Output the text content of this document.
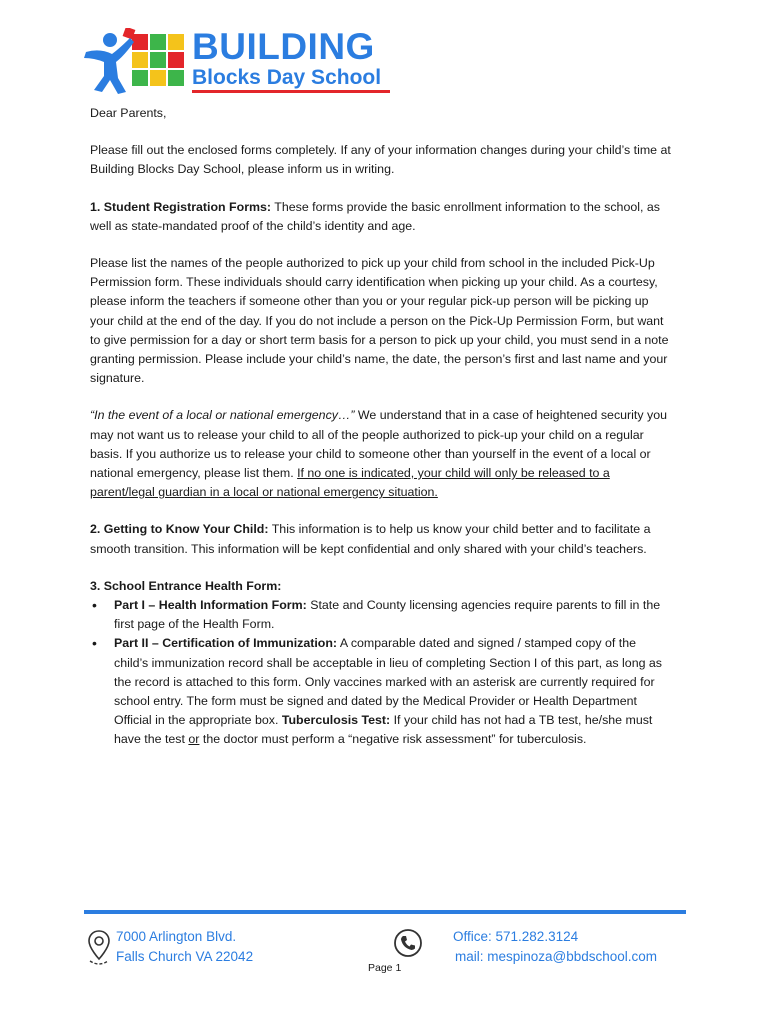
BUILDING
Blocks Day School

Dear Parents,

Please fill out the enclosed forms completely. If any of your information changes during your child’s time at Building Blocks Day School, please inform us in writing.

1. Student Registration Forms: These forms provide the basic enrollment information to the school, as well as state-mandated proof of the child’s identity and age.

Please list the names of the people authorized to pick up your child from school in the included Pick-Up Permission form. These individuals should carry identification when picking up your child. As a courtesy, please inform the teachers if someone other than you or your regular pick-up person will be picking up your child at the end of the day. If you do not include a person on the Pick-Up Permission Form, but want to give permission for a day or short term basis for a person to pick up your child, you must send in a note granting permission. Please include your child’s name, the date, the person’s first and last name and your signature.

“In the event of a local or national emergency…” We understand that in a case of heightened security you may not want us to release your child to all of the people authorized to pick-up your child on a regular basis. If you authorize us to release your child to someone other than yourself in the event of a local or national emergency, please list them. If no one is indicated, your child will only be released to a parent/legal guardian in a local or national emergency situation.

2. Getting to Know Your Child: This information is to help us know your child better and to facilitate a smooth transition. This information will be kept confidential and only shared with your child’s teachers.

3. School Entrance Health Form:

• Part I – Health Information Form: State and County licensing agencies require parents to fill in the first page of the Health Form.
• Part II – Certification of Immunization: A comparable dated and signed / stamped copy of the child’s immunization record shall be acceptable in lieu of completing Section I of this part, as long as the record is attached to this form. Only vaccines marked with an asterisk are currently required for school entry. The form must be signed and dated by the Medical Provider or Health Department Official in the appropriate box. Tuberculosis Test: If your child has not had a TB test, he/she must have the test or the doctor must perform a “negative risk assessment” for tuberculosis.
7000 Arlington Blvd.
Falls Church VA 22042
Page 1
Office: 571.282.3124
mail: mespinoza@bbdschool.com
